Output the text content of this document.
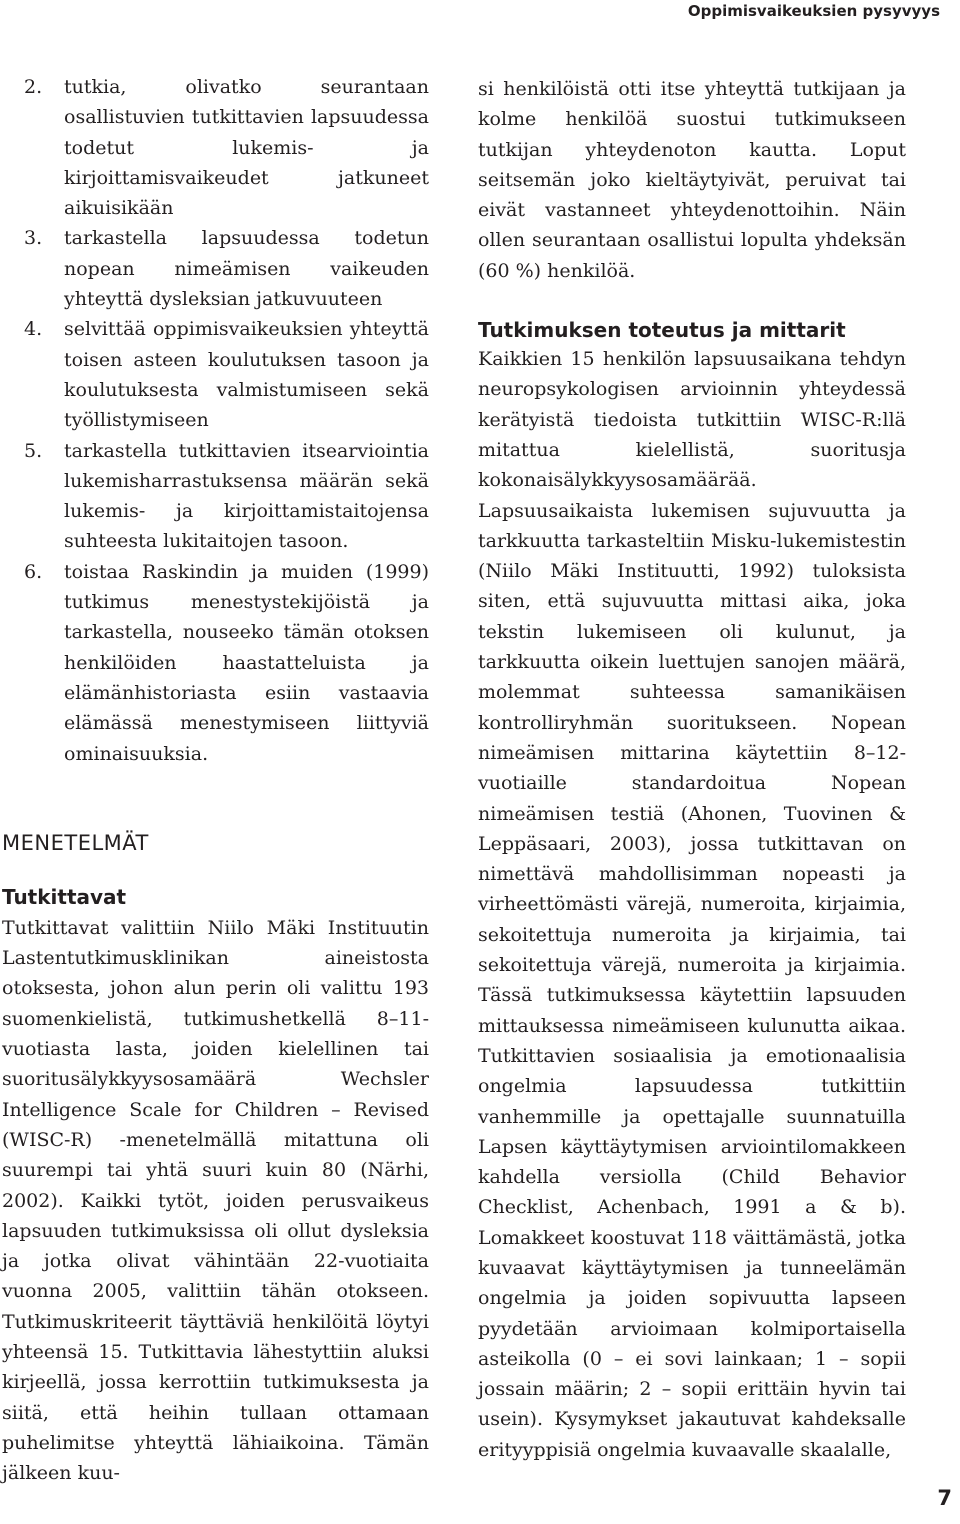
Oppimisvaikeuksien pysyvyys
2. tutkia, olivatko seurantaan osallistuvien tutkittavien lapsuudessa todetut lukemis- ja kirjoittamisvaikeudet jatkuneet aikuisikään
3. tarkastella lapsuudessa todetun nopean nimeämisen vaikeuden yhteyttä dysleksian jatkuvuuteen
4. selvittää oppimisvaikeuksien yhteyttä toisen asteen koulutuksen tasoon ja koulutuksesta valmistumiseen sekä työllistymiseen
5. tarkastella tutkittavien itsearviointia lukemisharrastuksensa määrän sekä lukemis- ja kirjoittamistaitojensa suhteesta lukitaitojen tasoon.
6. toistaa Raskindin ja muiden (1999) tutkimus menestystekijöistä ja tarkastella, nouseeko tämän otoksen henkilöiden haastatteluista ja elämänhistoriasta esiin vastaavia elämässä menestymiseen liittyviä ominaisuuksia.
MENETELMÄT
Tutkittavat

Tutkittavat valittiin Niilo Mäki Instituutin Lastentutkimusklinikan aineistosta otoksesta, johon alun perin oli valittu 193 suomenkielistä, tutkimushetkellä 8–11-vuotiasta lasta, joiden kielellinen tai suoritusälykkyysosamäärä Wechsler Intelligence Scale for Children – Revised (WISC-R) -menetelmällä mitattuna oli suurempi tai yhtä suuri kuin 80 (Närhi, 2002). Kaikki tytöt, joiden perusvaikeus lapsuuden tutkimuksissa oli ollut dysleksia ja jotka olivat vähintään 22-vuotiaita vuonna 2005, valittiin tähän otokseen. Tutkimuskriteerit täyttäviä henkilöitä löytyi yhteensä 15. Tutkittavia lähestyttiin aluksi kirjeellä, jossa kerrottiin tutkimuksesta ja siitä, että heihin tullaan ottamaan puhelimitse yhteyttä lähiaikoina. Tämän jälkeen kuu-

si henkilöistä otti itse yhteyttä tutkijaan ja kolme henkilöä suostui tutkimukseen tutkijan yhteydenoton kautta. Loput seitsemän joko kieltäytyivät, peruivat tai eivät vastanneet yhteydenottoihin. Näin ollen seurantaan osallistui lopulta yhdeksän (60 %) henkilöä.

Tutkimuksen toteutus ja mittarit

Kaikkien 15 henkilön lapsuusaikana tehdyn neuropsykologisen arvioinnin yhteydessä kerätyistä tiedoista tutkittiin WISC-R:llä mitattua kielellistä, suoritusja kokonaisälykkyysosamäärää. Lapsuusaikaista lukemisen sujuvuutta ja tarkkuutta tarkasteltiin Misku-lukemistestin (Niilo Mäki Instituutti, 1992) tuloksista siten, että sujuvuutta mittasi aika, joka tekstin lukemiseen oli kulunut, ja tarkkuutta oikein luettujen sanojen määrä, molemmat suhteessa samanikäisen kontrolliryhmän suoritukseen. Nopean nimeämisen mittarina käytettiin 8–12-vuotiaille standardoitua Nopean nimeämisen testiä (Ahonen, Tuovinen & Leppäsaari, 2003), jossa tutkittavan on nimettävä mahdollisimman nopeasti ja virheettömästi värejä, numeroita, kirjaimia, sekoitettuja numeroita ja kirjaimia, tai sekoitettuja värejä, numeroita ja kirjaimia. Tässä tutkimuksessa käytettiin lapsuuden mittauksessa nimeämiseen kulunutta aikaa. Tutkittavien sosiaalisia ja emotionaalisia ongelmia lapsuudessa tutkittiin vanhemmille ja opettajalle suunnatuilla Lapsen käyttäytymisen arviointilomakkeen kahdella versiolla (Child Behavior Checklist, Achenbach, 1991 a & b). Lomakkeet koostuvat 118 väittämästä, jotka kuvaavat käyttäytymisen ja tunneelämän ongelmia ja joiden sopivuutta lapseen pyydetään arvioimaan kolmiportaisella asteikolla (0 – ei sovi lainkaan; 1 – sopii jossain määrin; 2 – sopii erittäin hyvin tai usein). Kysymykset jakautuvat kahdeksalle erityyppisiä ongelmia kuvaavalle skaalalle,

7
